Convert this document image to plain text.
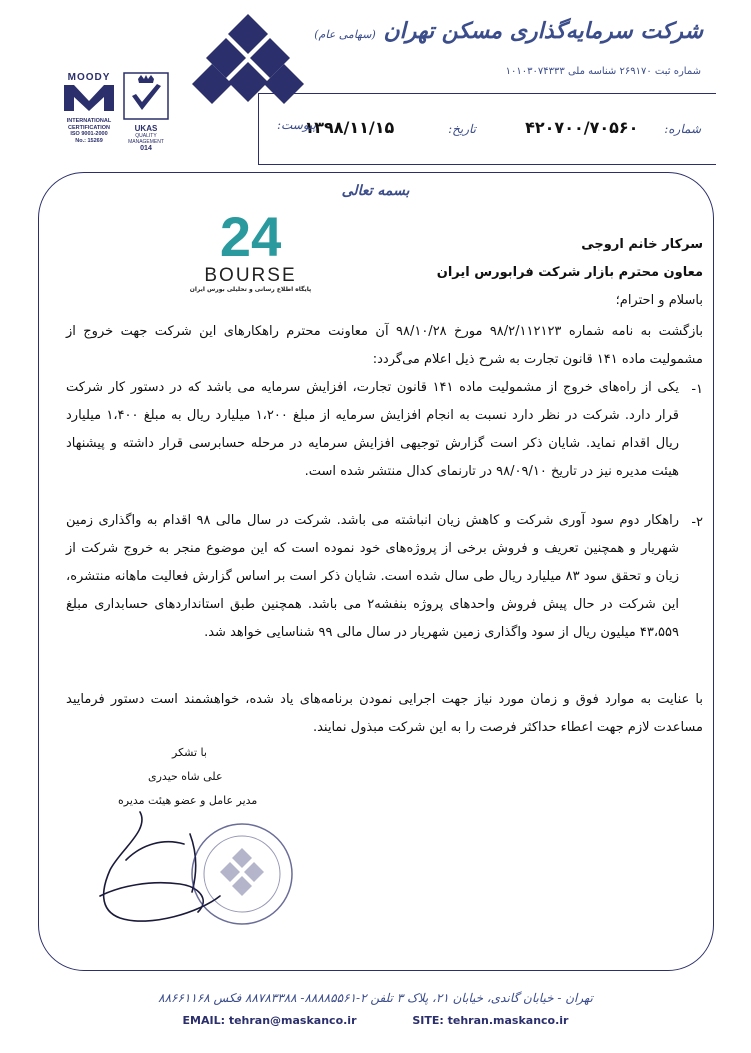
شرکت سرمایه‌گذاری مسکن تهران (سهامی عام)
شماره ثبت ۲۶۹۱۷۰ شناسه ملی ۱۰۱۰۳۰۷۴۳۳۳
MOODY
INTERNATIONAL
CERTIFICATION
ISO 9001-2000
No.: 15269
UKAS
QUALITY
MANAGEMENT
014
شماره: ۴۲۰۷۰۰/۷۰۵۶۰
تاریخ: ۱۳۹۸/۱۱/۱۵
پیوست:
بسمه تعالی
24
BOURSE
پایگاه اطلاع رسانی و تحلیلی بورس ایران
سرکار خانم اروجی
معاون محترم بازار شرکت فرابورس ایران
باسلام و احترام؛
بازگشت به نامه شماره ۹۸/۲/۱۱۲۱۲۳ مورخ ۹۸/۱۰/۲۸ آن معاونت محترم راهکارهای این شرکت جهت خروج از مشمولیت ماده ۱۴۱ قانون تجارت به شرح ذیل اعلام می‌گردد:
۱-
یکی از راه‌های خروج از مشمولیت ماده ۱۴۱ قانون تجارت، افزایش سرمایه می باشد که در دستور کار شرکت قرار دارد. شرکت در نظر دارد نسبت به انجام افزایش سرمایه از مبلغ ۱،۲۰۰ میلیارد ریال به مبلغ ۱،۴۰۰ میلیارد ریال اقدام نماید. شایان ذکر است گزارش توجیهی افزایش سرمایه در مرحله حسابرسی قرار داشته و پیشنهاد هیئت مدیره نیز در تاریخ ۹۸/۰۹/۱۰ در تارنمای کدال منتشر شده است.
۲-
راهکار دوم سود آوری شرکت و کاهش زیان انباشته می باشد. شرکت در سال مالی ۹۸ اقدام به واگذاری زمین شهریار و همچنین تعریف و فروش برخی از پروژه‌های خود نموده است که این موضوع منجر به خروج شرکت از زیان و تحقق سود ۸۳ میلیارد ریال طی سال شده است. شایان ذکر است بر اساس گزارش فعالیت ماهانه منتشره، این شرکت در حال پیش فروش واحدهای پروژه بنفشه۲ می باشد. همچنین طبق استانداردهای حسابداری مبلغ ۴۳،۵۵۹ میلیون ریال از سود واگذاری زمین شهریار در سال مالی ۹۹ شناسایی خواهد شد.
با عنایت به موارد فوق و زمان مورد نیاز جهت اجرایی نمودن برنامه‌های یاد شده، خواهشمند است دستور فرمایید مساعدت لازم جهت اعطاء حداکثر فرصت را به این شرکت مبذول نمایند.
با تشکر
علی شاه حیدری
مدیر عامل و عضو هیئت مدیره
تهران - خیابان گاندی، خیابان ۲۱، پلاک ۳ تلفن ۲-۸۸۸۸۵۵۶۱- ۸۸۷۸۳۳۸۸ فکس ۸۸۶۶۱۱۶۸
EMAIL: tehran@maskanco.ir	SITE: tehran.maskanco.ir
